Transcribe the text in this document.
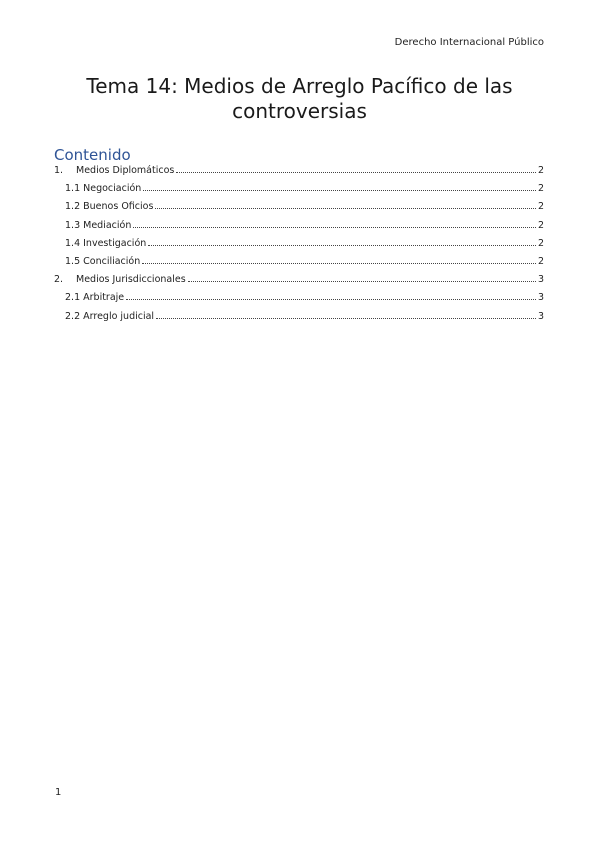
Derecho Internacional Público
Tema 14: Medios de Arreglo Pacífico de las controversias
Contenido
1.	Medios Diplomáticos	2
1.1 Negociación	2
1.2 Buenos Oficios	2
1.3 Mediación	2
1.4 Investigación	2
1.5 Conciliación	2
2.	Medios Jurisdiccionales	3
2.1 Arbitraje	3
2.2 Arreglo judicial	3
1
